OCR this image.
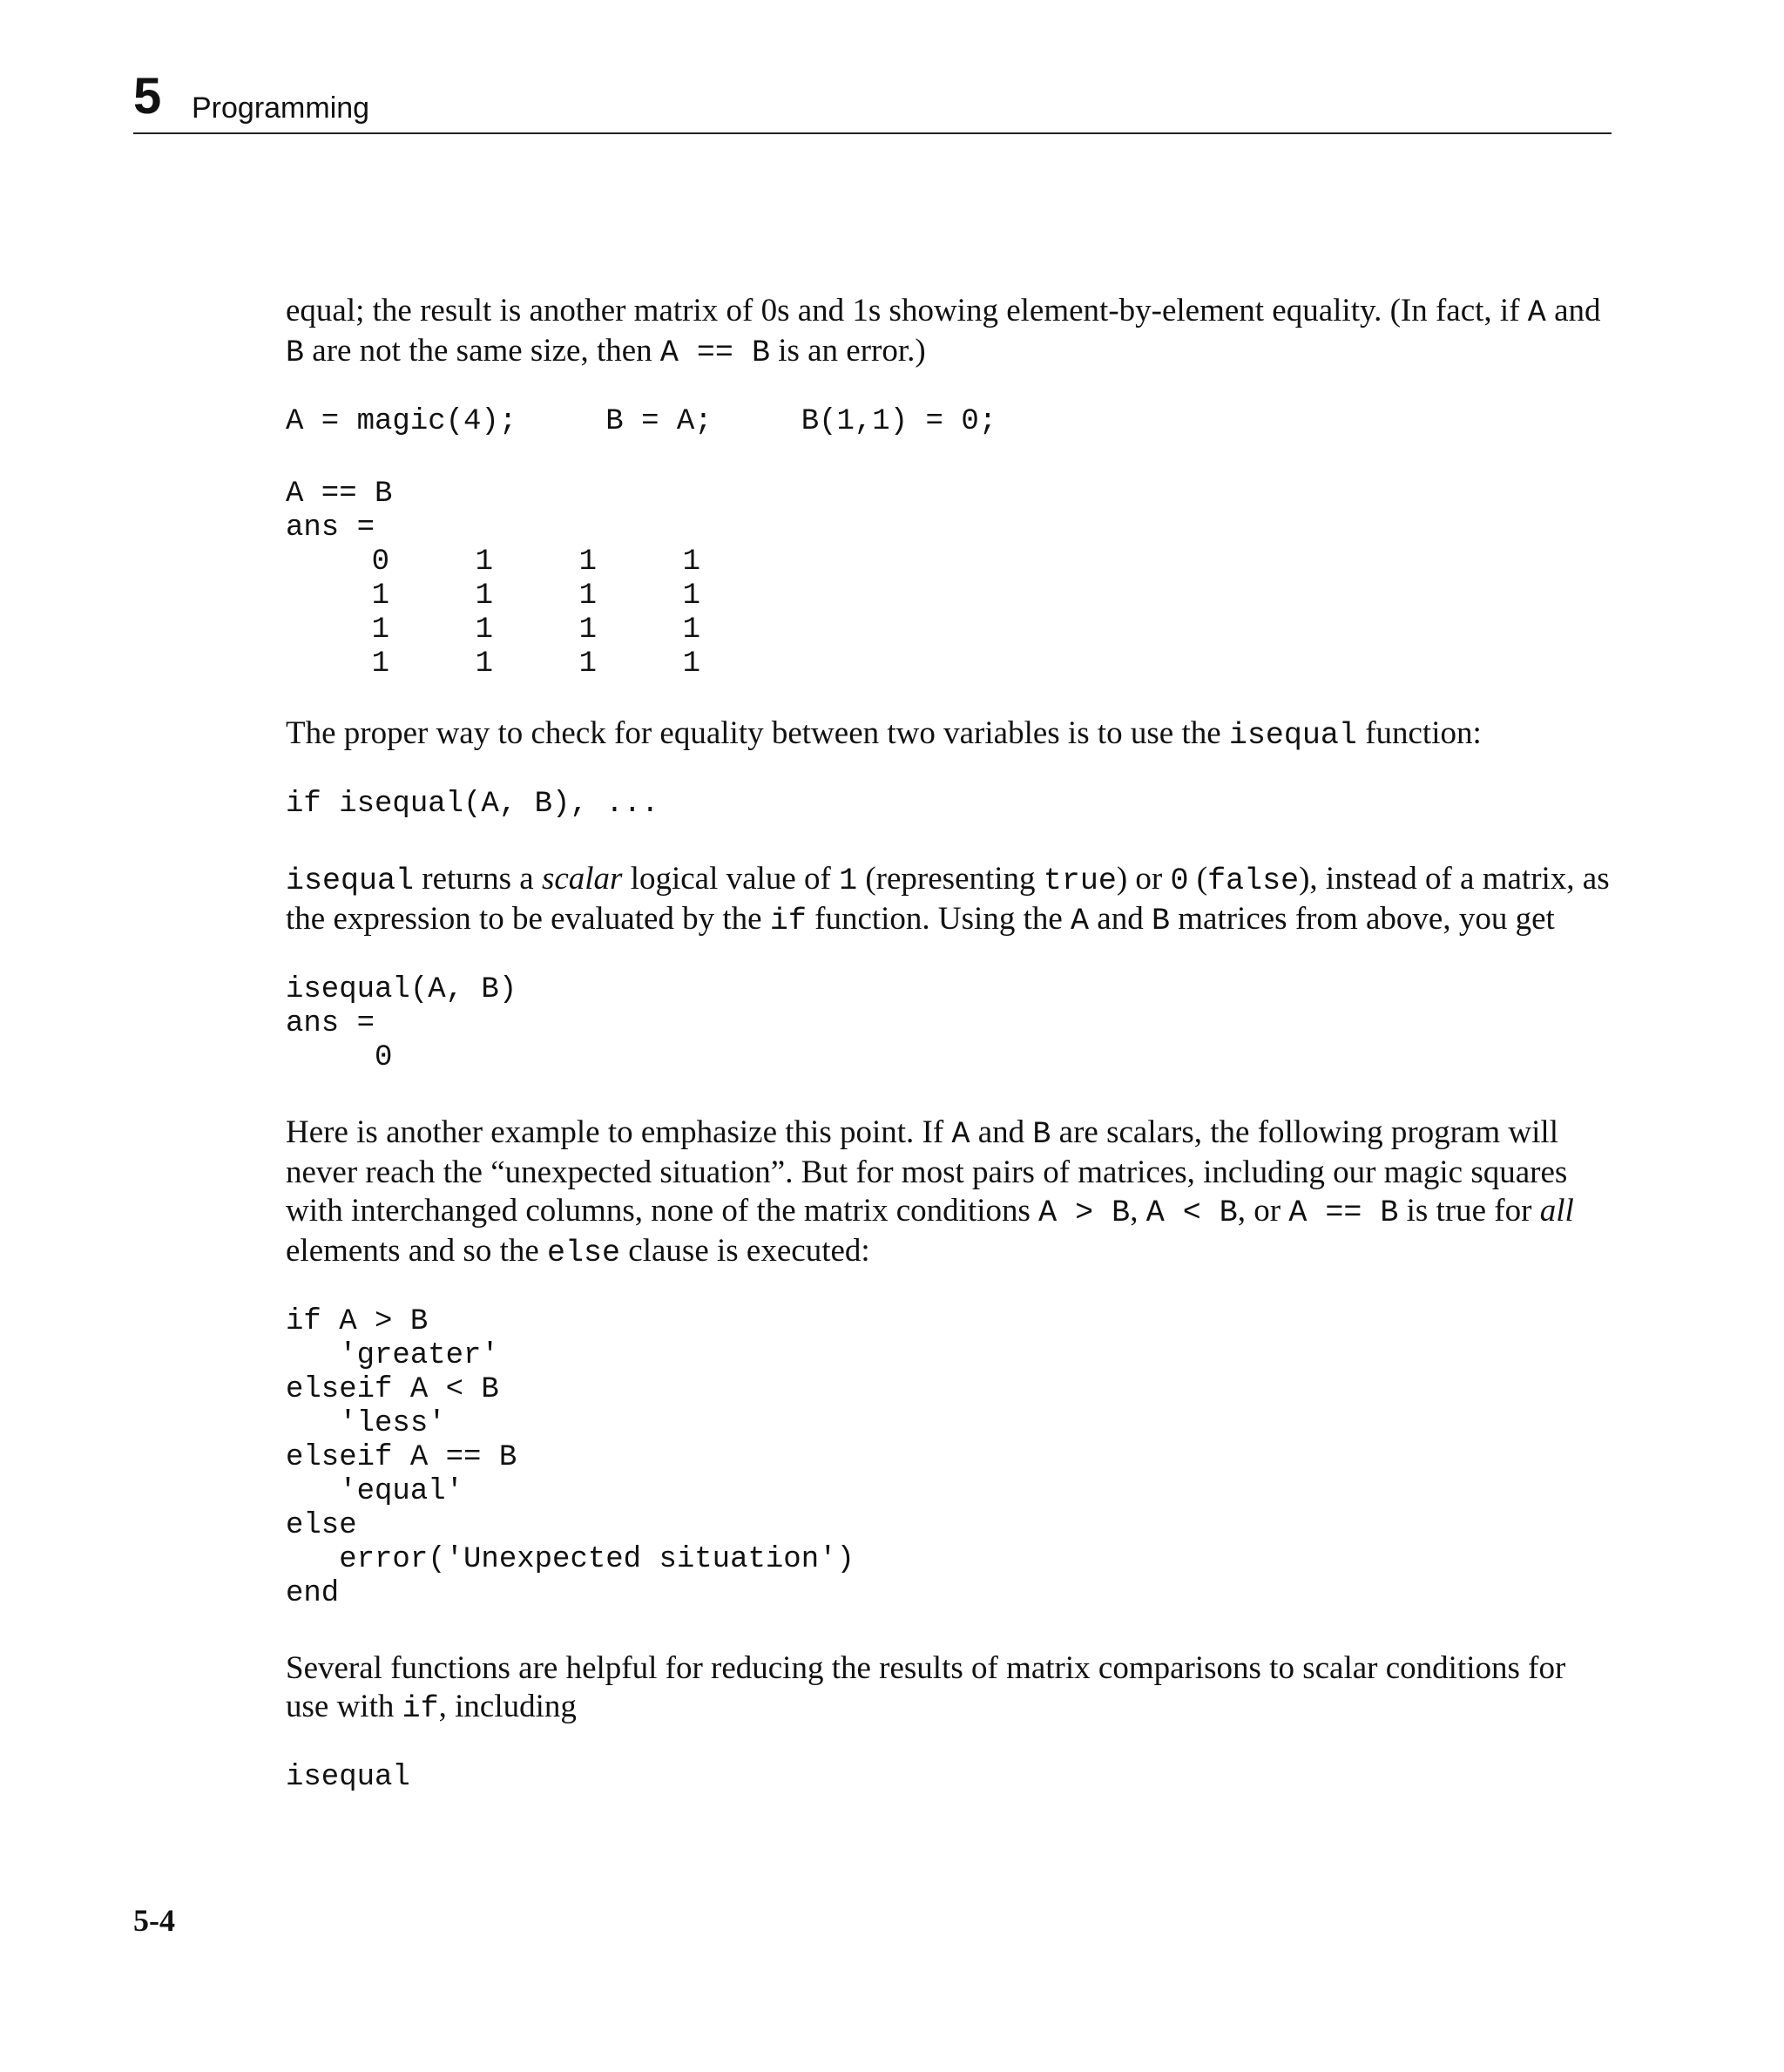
5 Programming

equal; the result is another matrix of 0s and 1s showing element-by-element equality. (In fact, if A and B are not the same size, then A == B is an error.)

A = magic(4);     B = A;     B(1,1) = 0;
A == B
ans =
0	1	1	1
1	1	1	1
1	1	1	1
1	1	1	1

The proper way to check for equality between two variables is to use the isequal function:

if isequal(A, B), ...

isequal returns a scalar logical value of 1 (representing true) or 0 (false), instead of a matrix, as the expression to be evaluated by the if function. Using the A and B matrices from above, you get

isequal(A, B)
ans =
0

Here is another example to emphasize this point. If A and B are scalars, the following program will never reach the “unexpected situation”. But for most pairs of matrices, including our magic squares with interchanged columns, none of the matrix conditions A > B, A < B, or A == B is true for all elements and so the else clause is executed:

if A > B
'greater'
elseif A < B
'less'
elseif A == B
'equal'
else
error('Unexpected situation')
end

Several functions are helpful for reducing the results of matrix comparisons to scalar conditions for use with if, including

isequal
5-4
